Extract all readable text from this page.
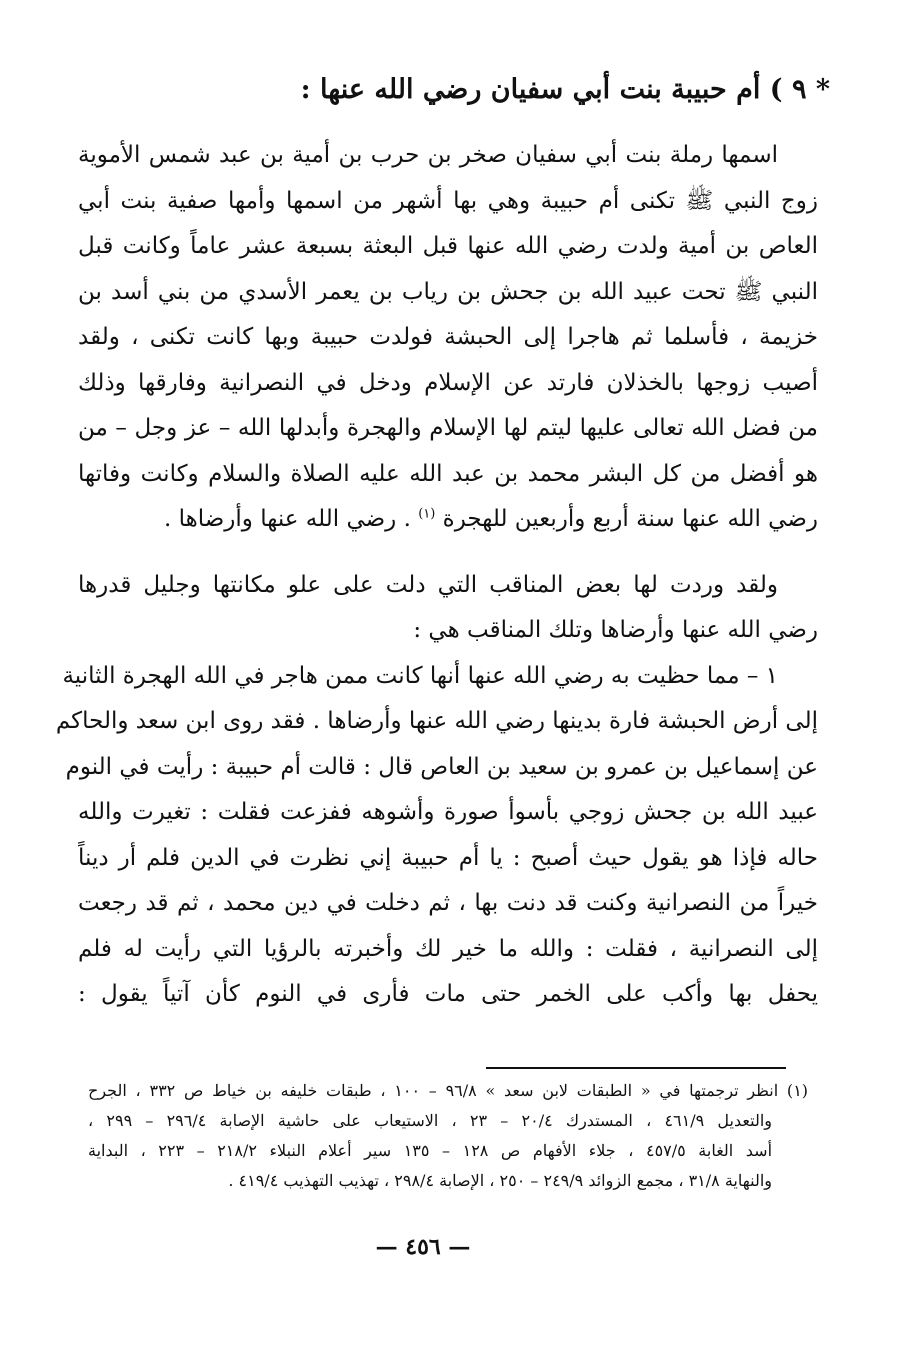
* ٩ ) أم حبيبة بنت أبي سفيان رضي الله عنها :
اسمها رملة بنت أبي سفيان صخر بن حرب بن أمية بن عبد شمس الأموية
زوج النبي ﷺ تكنى أم حبيبة وهي بها أشهر من اسمها وأمها صفية بنت أبي
العاص بن أمية ولدت رضي الله عنها قبل البعثة بسبعة عشر عاماً وكانت قبل
النبي ﷺ تحت عبيد الله بن جحش بن رياب بن يعمر الأسدي من بني أسد بن
خزيمة ، فأسلما ثم هاجرا إلى الحبشة فولدت حبيبة وبها كانت تكنى ، ولقد
أصيب زوجها بالخذلان فارتد عن الإسلام ودخل في النصرانية وفارقها وذلك
من فضل الله تعالى عليها ليتم لها الإسلام والهجرة وأبدلها الله – عز وجل – من
هو أفضل من كل البشر محمد بن عبد الله عليه الصلاة والسلام وكانت وفاتها
رضي الله عنها سنة أربع وأربعين للهجرة $^{(١)}$ . رضي الله عنها وأرضاها .
ولقد وردت لها بعض المناقب التي دلت على علو مكانتها وجليل قدرها
رضي الله عنها وأرضاها وتلك المناقب هي :
١ – مما حظيت به رضي الله عنها أنها كانت ممن هاجر في الله الهجرة الثانية
إلى أرض الحبشة فارة بدينها رضي الله عنها وأرضاها . فقد روى ابن سعد والحاكم
عن إسماعيل بن عمرو بن سعيد بن العاص قال : قالت أم حبيبة : رأيت في النوم
عبيد الله بن جحش زوجي بأسوأ صورة وأشوهه ففزعت فقلت : تغيرت والله
حاله فإذا هو يقول حيث أصبح : يا أم حبيبة إني نظرت في الدين فلم أر ديناً
خيراً من النصرانية وكنت قد دنت بها ، ثم دخلت في دين محمد ، ثم قد رجعت
إلى النصرانية ، فقلت : والله ما خير لك وأخبرته بالرؤيا التي رأيت له فلم
يحفل بها وأكب على الخمر حتى مات فأرى في النوم كأن آتياً يقول :
(١) انظر ترجمتها في « الطبقات لابن سعد » ٩٦/٨ – ١٠٠ ، طبقات خليفه بن خياط ص ٣٣٢ ، الجرح
والتعديل ٤٦١/٩ ، المستدرك ٢٠/٤ – ٢٣ ، الاستيعاب على حاشية الإصابة ٢٩٦/٤ – ٢٩٩ ،
أسد الغابة ٤٥٧/٥ ، جلاء الأفهام ص ١٢٨ – ١٣٥ سير أعلام النبلاء ٢١٨/٢ – ٢٢٣ ، البداية
والنهاية ٣١/٨ ، مجمع الزوائد ٢٤٩/٩ – ٢٥٠ ، الإصابة ٢٩٨/٤ ، تهذيب التهذيب ٤١٩/٤ .
— ٤٥٦ —
